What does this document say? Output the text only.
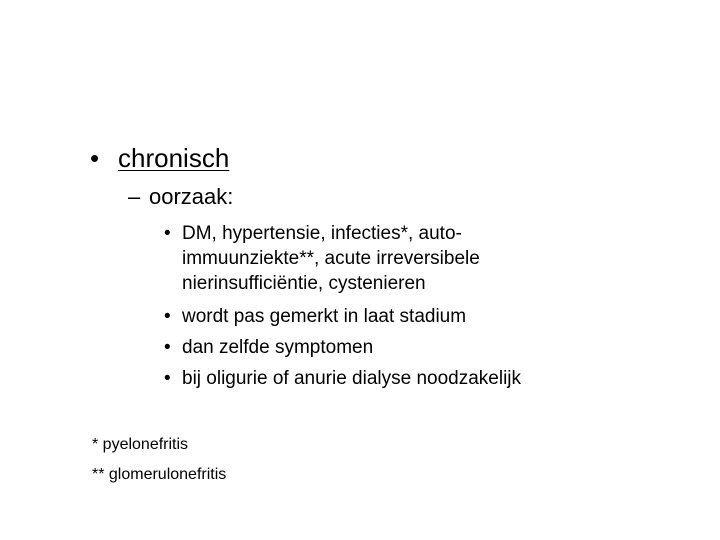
• chronisch
– oorzaak:
• DM, hypertensie, infecties*, auto-
immuunziekte**, acute irreversibele
nierinsufficiëntie, cystenieren
• wordt pas gemerkt in laat stadium
• dan zelfde symptomen
• bij oligurie of anurie dialyse noodzakelijk
* pyelonefritis
** glomerulonefritis
